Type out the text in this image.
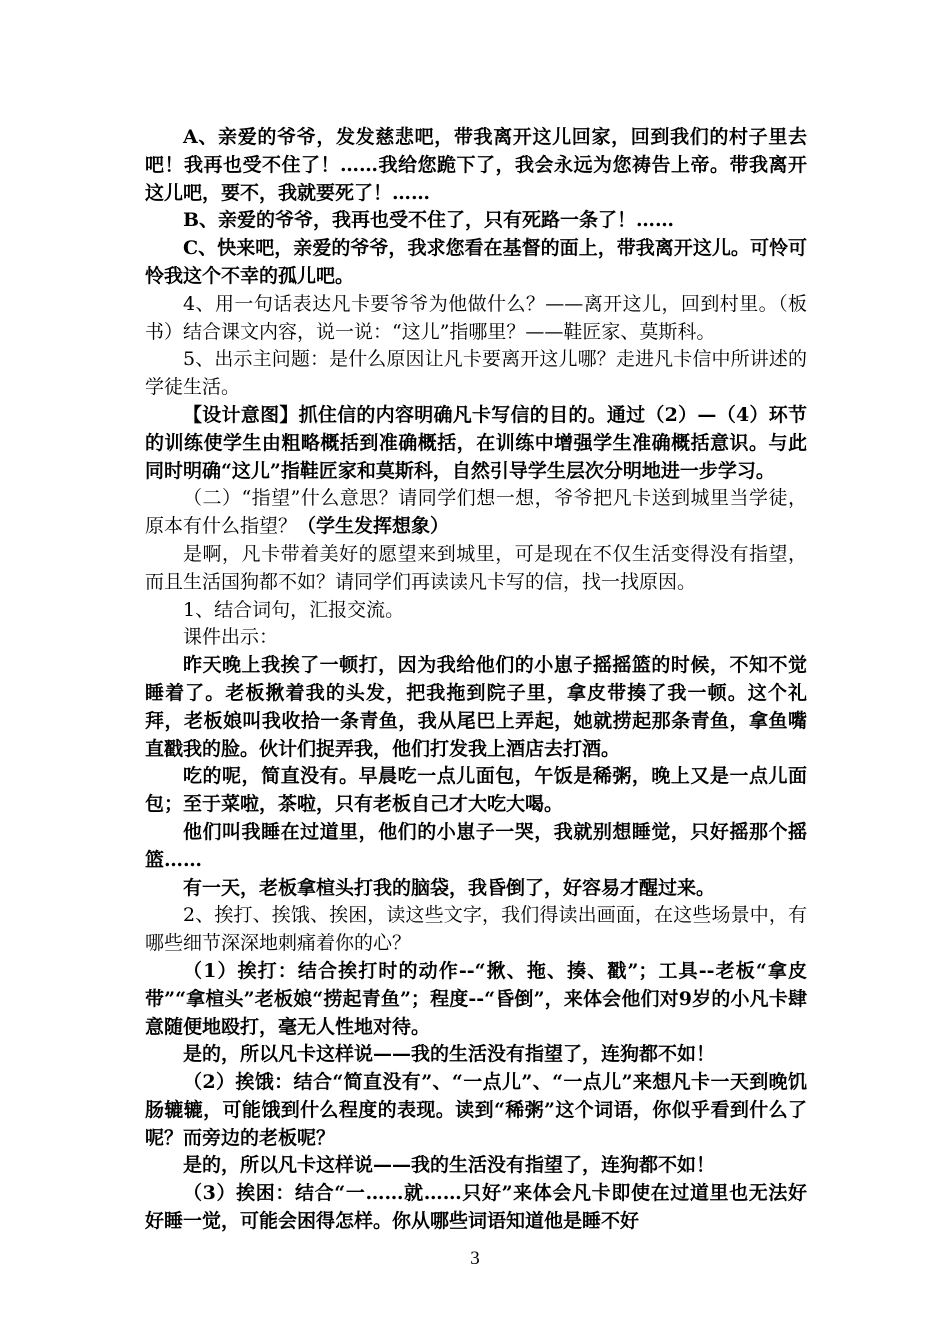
A、亲爱的爷爷，发发慈悲吧，带我离开这儿回家，回到我们的村子里去吧！我再也受不住了！……我给您跪下了，我会永远为您祷告上帝。带我离开这儿吧，要不，我就要死了！……

B、亲爱的爷爷，我再也受不住了，只有死路一条了！……

C、快来吧，亲爱的爷爷，我求您看在基督的面上，带我离开这儿。可怜可怜我这个不幸的孤儿吧。

4、用一句话表达凡卡要爷爷为他做什么？——离开这儿，回到村里。（板书）结合课文内容，说一说：“这儿”指哪里？——鞋匠家、莫斯科。

5、出示主问题：是什么原因让凡卡要离开这儿哪？走进凡卡信中所讲述的学徒生活。

【设计意图】抓住信的内容明确凡卡写信的目的。通过（2）—（4）环节的训练使学生由粗略概括到准确概括，在训练中增强学生准确概括意识。与此同时明确“这儿”指鞋匠家和莫斯科，自然引导学生层次分明地进一步学习。

（二）“指望”什么意思？请同学们想一想，爷爷把凡卡送到城里当学徒，原本有什么指望？（学生发挥想象）

是啊，凡卡带着美好的愿望来到城里，可是现在不仅生活变得没有指望，而且生活国狗都不如？请同学们再读读凡卡写的信，找一找原因。

1、结合词句，汇报交流。

课件出示：

昨天晚上我挨了一顿打，因为我给他们的小崽子摇摇篮的时候，不知不觉睡着了。老板揪着我的头发，把我拖到院子里，拿皮带揍了我一顿。这个礼拜，老板娘叫我收拾一条青鱼，我从尾巴上弄起，她就捞起那条青鱼，拿鱼嘴直戳我的脸。伙计们捉弄我，他们打发我上酒店去打酒。

吃的呢，简直没有。早晨吃一点儿面包，午饭是稀粥，晚上又是一点儿面包；至于菜啦，茶啦，只有老板自己才大吃大喝。

他们叫我睡在过道里，他们的小崽子一哭，我就别想睡觉，只好摇那个摇篮……

有一天，老板拿楦头打我的脑袋，我昏倒了，好容易才醒过来。

2、挨打、挨饿、挨困，读这些文字，我们得读出画面，在这些场景中，有哪些细节深深地刺痛着你的心？

（1）挨打：结合挨打时的动作--“揪、拖、揍、戳”；工具--老板“拿皮带”“拿楦头”老板娘“捞起青鱼”；程度--“昏倒”，来体会他们对9岁的小凡卡肆意随便地殴打，毫无人性地对待。

是的，所以凡卡这样说——我的生活没有指望了，连狗都不如！

（2）挨饿：结合“简直没有”、“一点儿”、“一点儿”来想凡卡一天到晚饥肠辘辘，可能饿到什么程度的表现。读到“稀粥”这个词语，你似乎看到什么了呢？而旁边的老板呢？

是的，所以凡卡这样说——我的生活没有指望了，连狗都不如！

（3）挨困：结合“一……就……只好”来体会凡卡即使在过道里也无法好好睡一觉，可能会困得怎样。你从哪些词语知道他是睡不好

3
